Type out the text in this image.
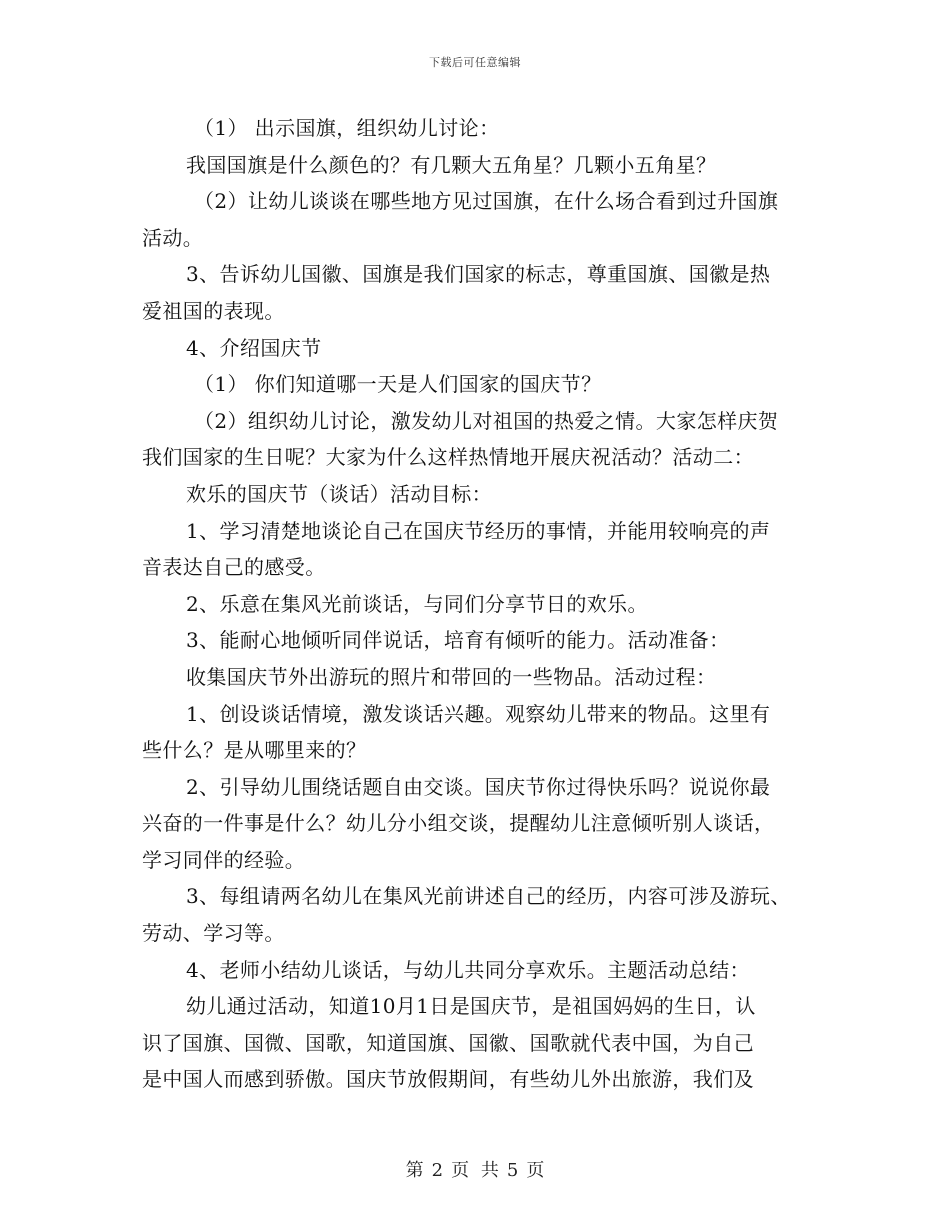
下载后可任意编辑

（1） 出示国旗，组织幼儿讨论：

我国国旗是什么颜色的？有几颗大五角星？几颗小五角星？

（2）让幼儿谈谈在哪些地方见过国旗，在什么场合看到过升国旗

活动。

3、告诉幼儿国徽、国旗是我们国家的标志，尊重国旗、国徽是热

爱祖国的表现。

4、介绍国庆节

（1） 你们知道哪一天是人们国家的国庆节？

（2）组织幼儿讨论，激发幼儿对祖国的热爱之情。大家怎样庆贺

我们国家的生日呢？大家为什么这样热情地开展庆祝活动？活动二：

欢乐的国庆节（谈话）活动目标：

1、学习清楚地谈论自己在国庆节经历的事情，并能用较响亮的声

音表达自己的感受。

2、乐意在集风光前谈话，与同们分享节日的欢乐。

3、能耐心地倾听同伴说话，培育有倾听的能力。活动准备：

收集国庆节外出游玩的照片和带回的一些物品。活动过程：

1、创设谈话情境，激发谈话兴趣。观察幼儿带来的物品。这里有

些什么？是从哪里来的？

2、引导幼儿围绕话题自由交谈。国庆节你过得快乐吗？说说你最

兴奋的一件事是什么？幼儿分小组交谈，提醒幼儿注意倾听别人谈话，

学习同伴的经验。

3、每组请两名幼儿在集风光前讲述自己的经历，内容可涉及游玩、

劳动、学习等。

4、老师小结幼儿谈话，与幼儿共同分享欢乐。主题活动总结：

幼儿通过活动，知道10月1日是国庆节，是祖国妈妈的生日，认

识了国旗、国微、国歌，知道国旗、国徽、国歌就代表中国，为自己

是中国人而感到骄傲。国庆节放假期间，有些幼儿外出旅游，我们及

第 2 页 共 5 页
